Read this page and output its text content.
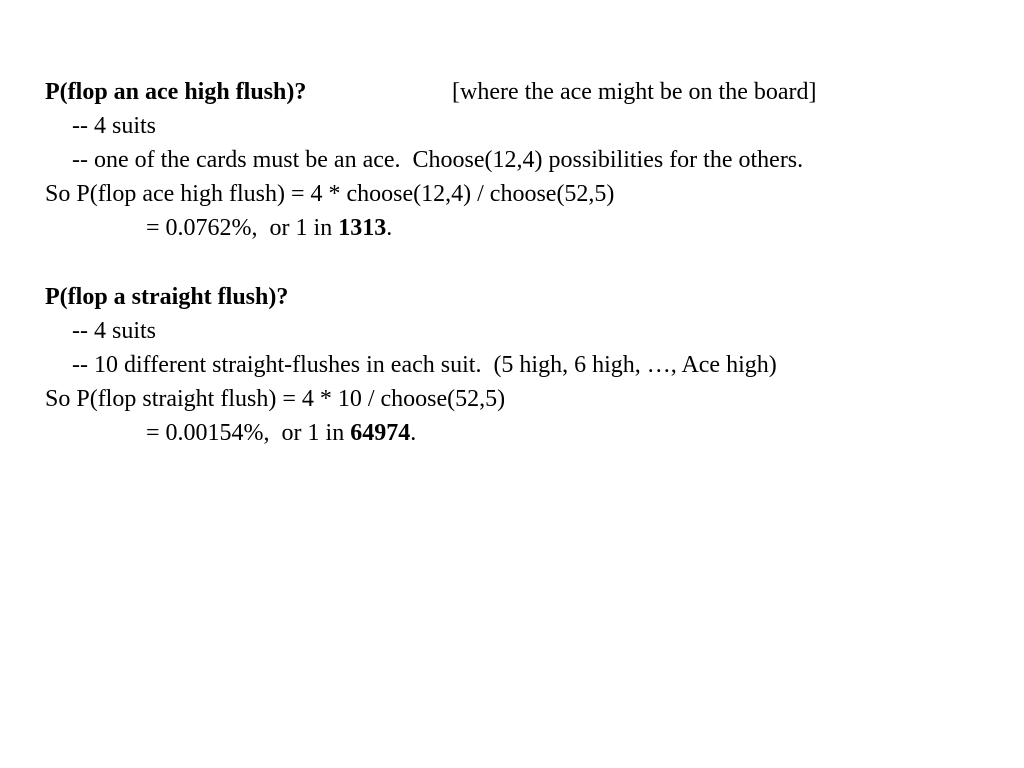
P(flop an ace high flush)?	[where the ace might be on the board]
-- 4 suits
-- one of the cards must be an ace.  Choose(12,4) possibilities for the others.
So P(flop ace high flush) = 4 * choose(12,4) / choose(52,5)
= 0.0762%,  or 1 in 1313.
P(flop a straight flush)?
-- 4 suits
-- 10 different straight-flushes in each suit.  (5 high, 6 high, …, Ace high)
So P(flop straight flush) = 4 * 10 / choose(52,5)
= 0.00154%,  or 1 in 64974.
